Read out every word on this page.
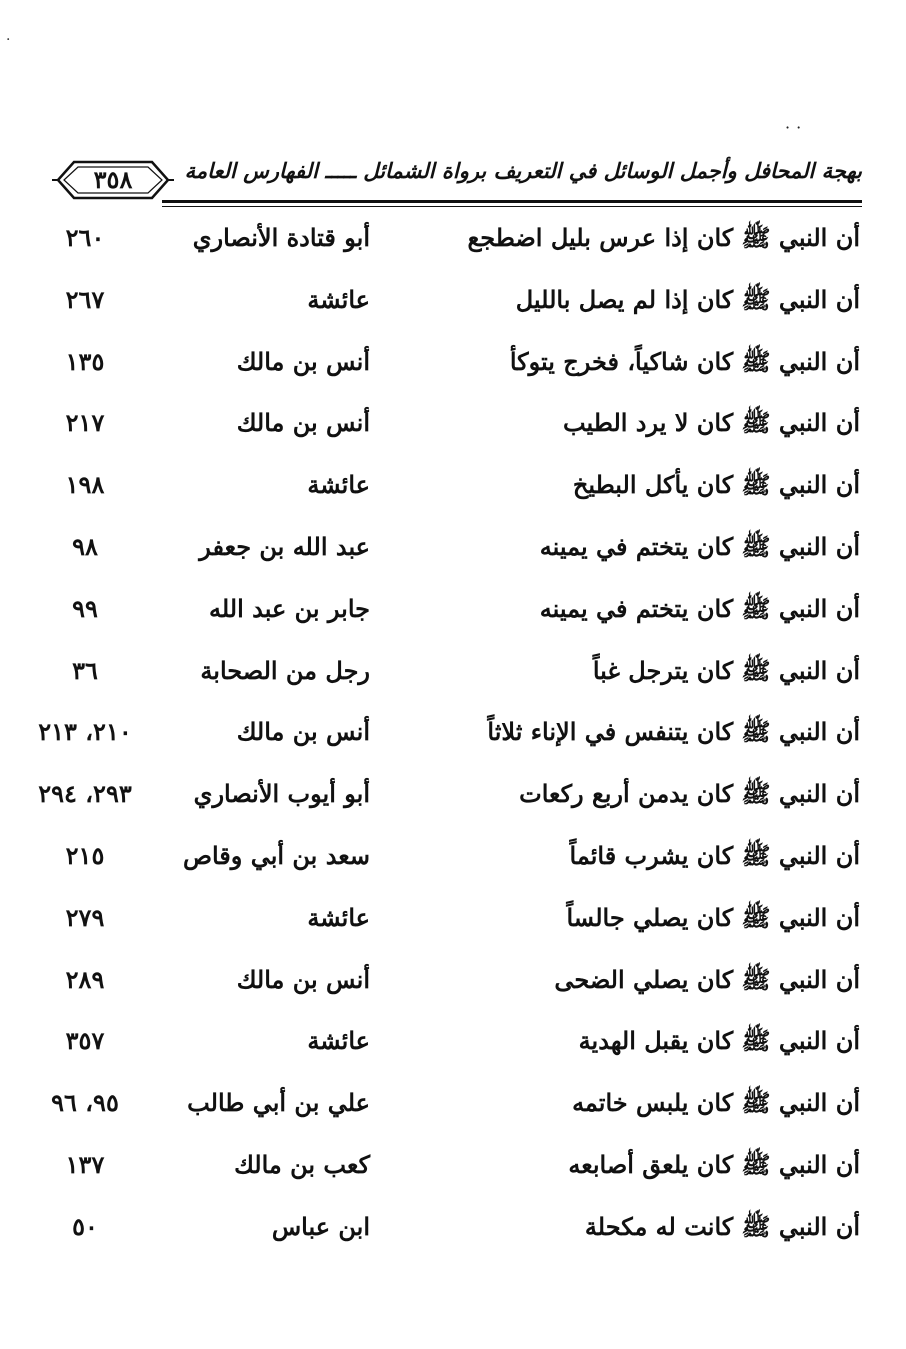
·
··
٣٥٨	بهجة المحافل وأجمل الوسائل في التعريف برواة الشمائل ـــــ الفهارس العامة
أن النبي ﷺ كان إذا عرس بليل اضطجع
أبو قتادة الأنصاري
٢٦٠
أن النبي ﷺ كان إذا لم يصل بالليل
عائشة
٢٦٧
أن النبي ﷺ كان شاكياً، فخرج يتوكأ
أنس بن مالك
١٣٥
أن النبي ﷺ كان لا يرد الطيب
أنس بن مالك
٢١٧
أن النبي ﷺ كان يأكل البطيخ
عائشة
١٩٨
أن النبي ﷺ كان يتختم في يمينه
عبد الله بن جعفر
٩٨
أن النبي ﷺ كان يتختم في يمينه
جابر بن عبد الله
٩٩
أن النبي ﷺ كان يترجل غباً
رجل من الصحابة
٣٦
أن النبي ﷺ كان يتنفس في الإناء ثلاثاً
أنس بن مالك
٢١٠، ٢١٣
أن النبي ﷺ كان يدمن أربع ركعات
أبو أيوب الأنصاري
٢٩٣، ٢٩٤
أن النبي ﷺ كان يشرب قائماً
سعد بن أبي وقاص
٢١٥
أن النبي ﷺ كان يصلي جالساً
عائشة
٢٧٩
أن النبي ﷺ كان يصلي الضحى
أنس بن مالك
٢٨٩
أن النبي ﷺ كان يقبل الهدية
عائشة
٣٥٧
أن النبي ﷺ كان يلبس خاتمه
علي بن أبي طالب
٩٥، ٩٦
أن النبي ﷺ كان يلعق أصابعه
كعب بن مالك
١٣٧
أن النبي ﷺ كانت له مكحلة
ابن عباس
٥٠
